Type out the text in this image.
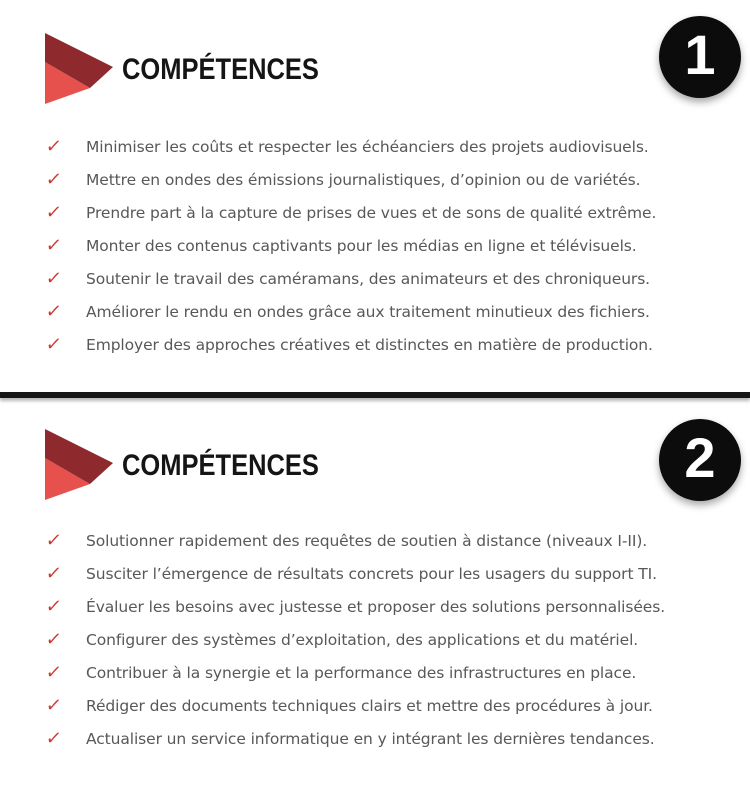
COMPÉTENCES	1
✓	Minimiser les coûts et respecter les échéanciers des projets audiovisuels.
✓	Mettre en ondes des émissions journalistiques, d’opinion ou de variétés.
✓	Prendre part à la capture de prises de vues et de sons de qualité extrême.
✓	Monter des contenus captivants pour les médias en ligne et télévisuels.
✓	Soutenir le travail des caméramans, des animateurs et des chroniqueurs.
✓	Améliorer le rendu en ondes grâce aux traitement minutieux des fichiers.
✓	Employer des approches créatives et distinctes en matière de production.
COMPÉTENCES	2
✓	Solutionner rapidement des requêtes de soutien à distance (niveaux I-II).
✓	Susciter l’émergence de résultats concrets pour les usagers du support TI.
✓	Évaluer les besoins avec justesse et proposer des solutions personnalisées.
✓	Configurer des systèmes d’exploitation, des applications et du matériel.
✓	Contribuer à la synergie et la performance des infrastructures en place.
✓	Rédiger des documents techniques clairs et mettre des procédures à jour.
✓	Actualiser un service informatique en y intégrant les dernières tendances.
